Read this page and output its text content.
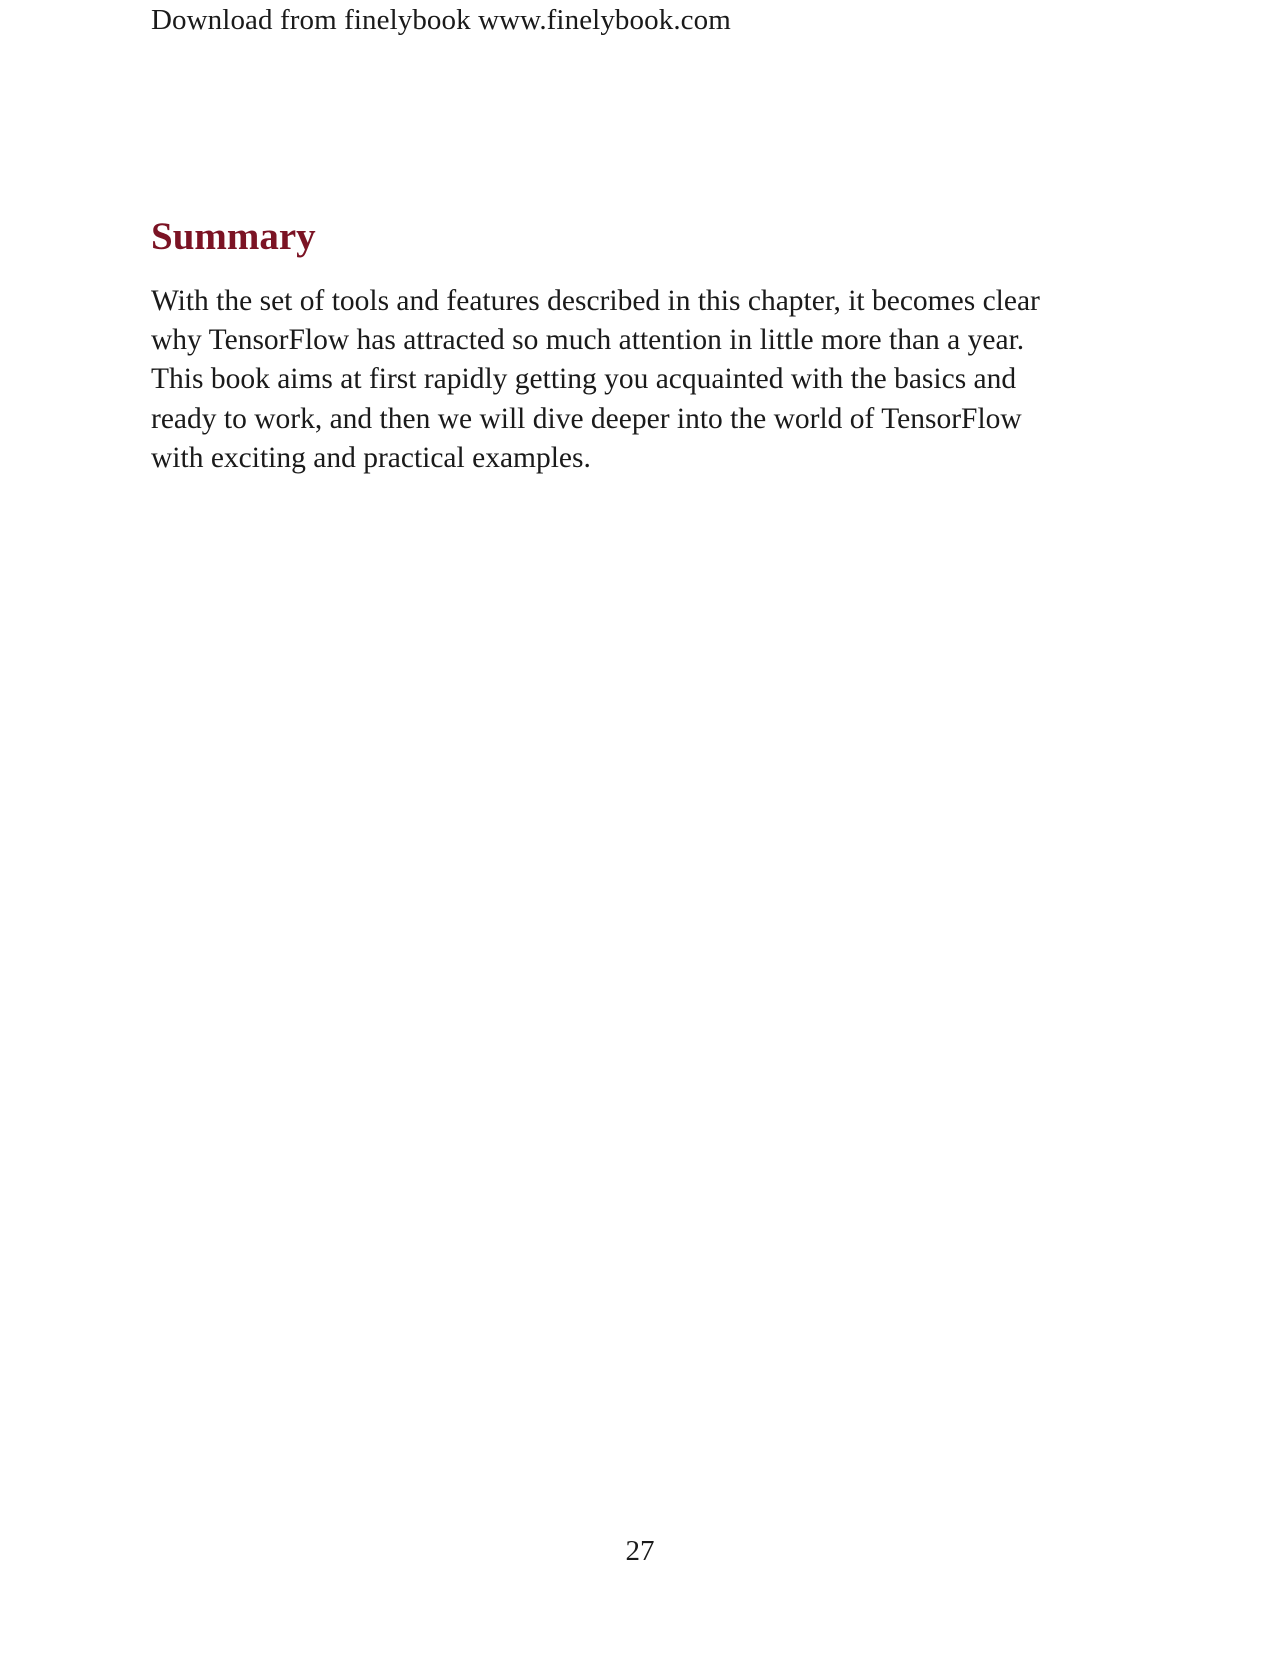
Download from finelybook www.finelybook.com
Summary

With the set of tools and features described in this chapter, it becomes clear
why TensorFlow has attracted so much attention in little more than a year.
This book aims at first rapidly getting you acquainted with the basics and
ready to work, and then we will dive deeper into the world of TensorFlow
with exciting and practical examples.

27
